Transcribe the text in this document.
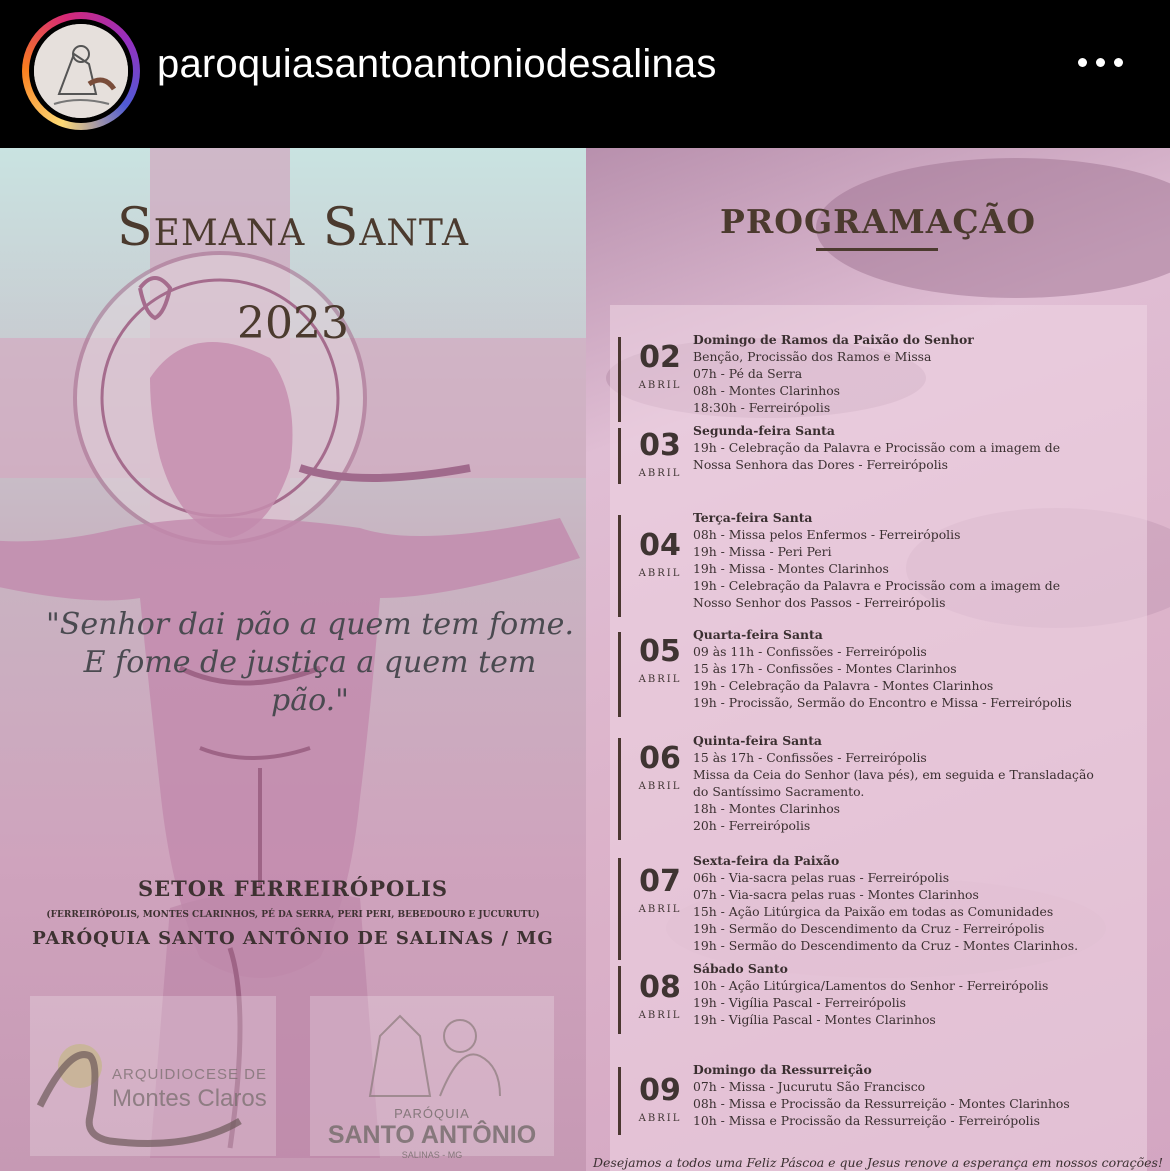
paroquiasantoantoniodesalinas
Semana Santa
2023
"Senhor dai pão a quem tem fome.
E fome de justiça a quem tem pão."
SETOR FERREIRÓPOLIS
(FERREIRÓPOLIS, MONTES CLARINHOS, PÉ DA SERRA, PERI PERI, BEBEDOURO E JUCURUTU)
PARÓQUIA SANTO ANTÔNIO DE SALINAS / MG
ARQUIDIOCESE DE
Montes Claros
PARÓQUIA
SANTO ANTÔNIO
SALINAS - MG
PROGRAMAÇÃO
02
ABRIL
Domingo de Ramos da Paixão do Senhor
Benção, Procissão dos Ramos e Missa
07h - Pé da Serra
08h - Montes Clarinhos
18:30h - Ferreirópolis
03
ABRIL
Segunda-feira Santa
19h - Celebração da Palavra e Procissão com a imagem de
Nossa Senhora das Dores - Ferreirópolis
04
ABRIL
Terça-feira Santa
08h - Missa pelos Enfermos - Ferreirópolis
19h - Missa - Peri Peri
19h - Missa - Montes Clarinhos
19h - Celebração da Palavra e Procissão com a imagem de
Nosso Senhor dos Passos - Ferreirópolis
05
ABRIL
Quarta-feira Santa
09 às 11h - Confissões - Ferreirópolis
15 às 17h - Confissões - Montes Clarinhos
19h - Celebração da Palavra - Montes Clarinhos
19h - Procissão, Sermão do Encontro e Missa - Ferreirópolis
06
ABRIL
Quinta-feira Santa
15 às 17h - Confissões - Ferreirópolis
Missa da Ceia do Senhor (lava pés), em seguida e Transladação
do Santíssimo Sacramento.
18h - Montes Clarinhos
20h - Ferreirópolis
07
ABRIL
Sexta-feira da Paixão
06h - Via-sacra pelas ruas - Ferreirópolis
07h - Via-sacra pelas ruas - Montes Clarinhos
15h - Ação Litúrgica da Paixão em todas as Comunidades
19h - Sermão do Descendimento da Cruz - Ferreirópolis
19h - Sermão do Descendimento da Cruz - Montes Clarinhos.
08
ABRIL
Sábado Santo
10h - Ação Litúrgica/Lamentos do Senhor - Ferreirópolis
19h - Vigília Pascal - Ferreirópolis
19h - Vigília Pascal - Montes Clarinhos
09
ABRIL
Domingo da Ressurreição
07h - Missa - Jucurutu São Francisco
08h - Missa e Procissão da Ressurreição - Montes Clarinhos
10h - Missa e Procissão da Ressurreição - Ferreirópolis
Desejamos a todos uma Feliz Páscoa e que Jesus renove a esperança em nossos corações!
